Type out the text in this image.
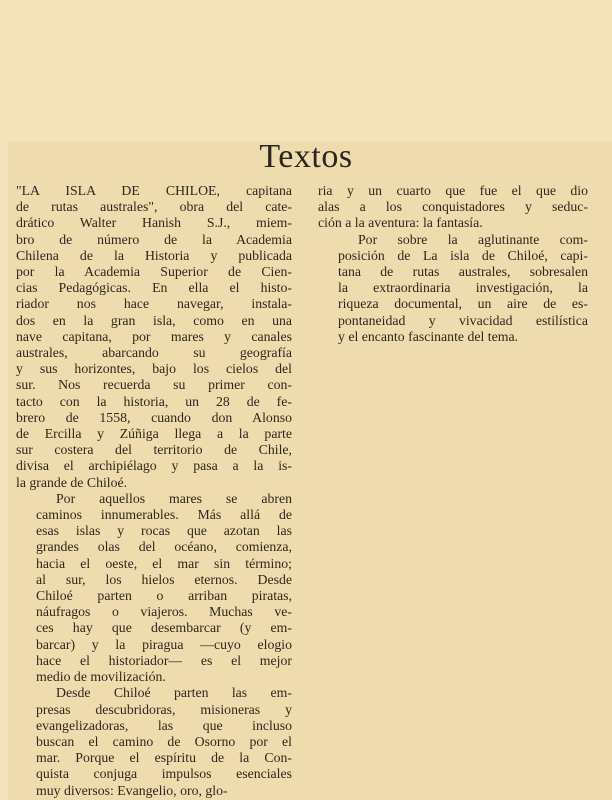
Textos

"LA ISLA DE CHILOE, capitana
de rutas australes", obra del cate-
drático Walter Hanish S.J., miem-
bro de número de la Academia
Chilena de la Historia y publicada
por la Academia Superior de Cien-
cias Pedagógicas. En ella el histo-
riador nos hace navegar, instala-
dos en la gran isla, como en una
nave capitana, por mares y canales
australes, abarcando su geografía
y sus horizontes, bajo los cielos del
sur. Nos recuerda su primer con-
tacto con la historia, un 28 de fe-
brero de 1558, cuando don Alonso
de Ercilla y Zúñiga llega a la parte
sur costera del territorio de Chile,
divisa el archipiélago y pasa a la is-
la grande de Chiloé.

Por aquellos mares se abren
caminos innumerables. Más allá de
esas islas y rocas que azotan las
grandes olas del océano, comienza,
hacia el oeste, el mar sin término;
al sur, los hielos eternos. Desde
Chiloé parten o arriban piratas,
náufragos o viajeros. Muchas ve-
ces hay que desembarcar (y em-
barcar) y la piragua —cuyo elogio
hace el historiador— es el mejor
medio de movilización.

Desde Chiloé parten las em-
presas descubridoras, misioneras y
evangelizadoras, las que incluso
buscan el camino de Osorno por el
mar. Porque el espíritu de la Con-
quista conjuga impulsos esenciales
muy diversos: Evangelio, oro, glo-

ria y un cuarto que fue el que dio
alas a los conquistadores y seduc-
ción a la aventura: la fantasía.

Por sobre la aglutinante com-
posición de La isla de Chiloé, capi-
tana de rutas australes, sobresalen
la extraordinaria investigación, la
riqueza documental, un aire de es-
pontaneidad y vivacidad estilística
y el encanto fascinante del tema.
